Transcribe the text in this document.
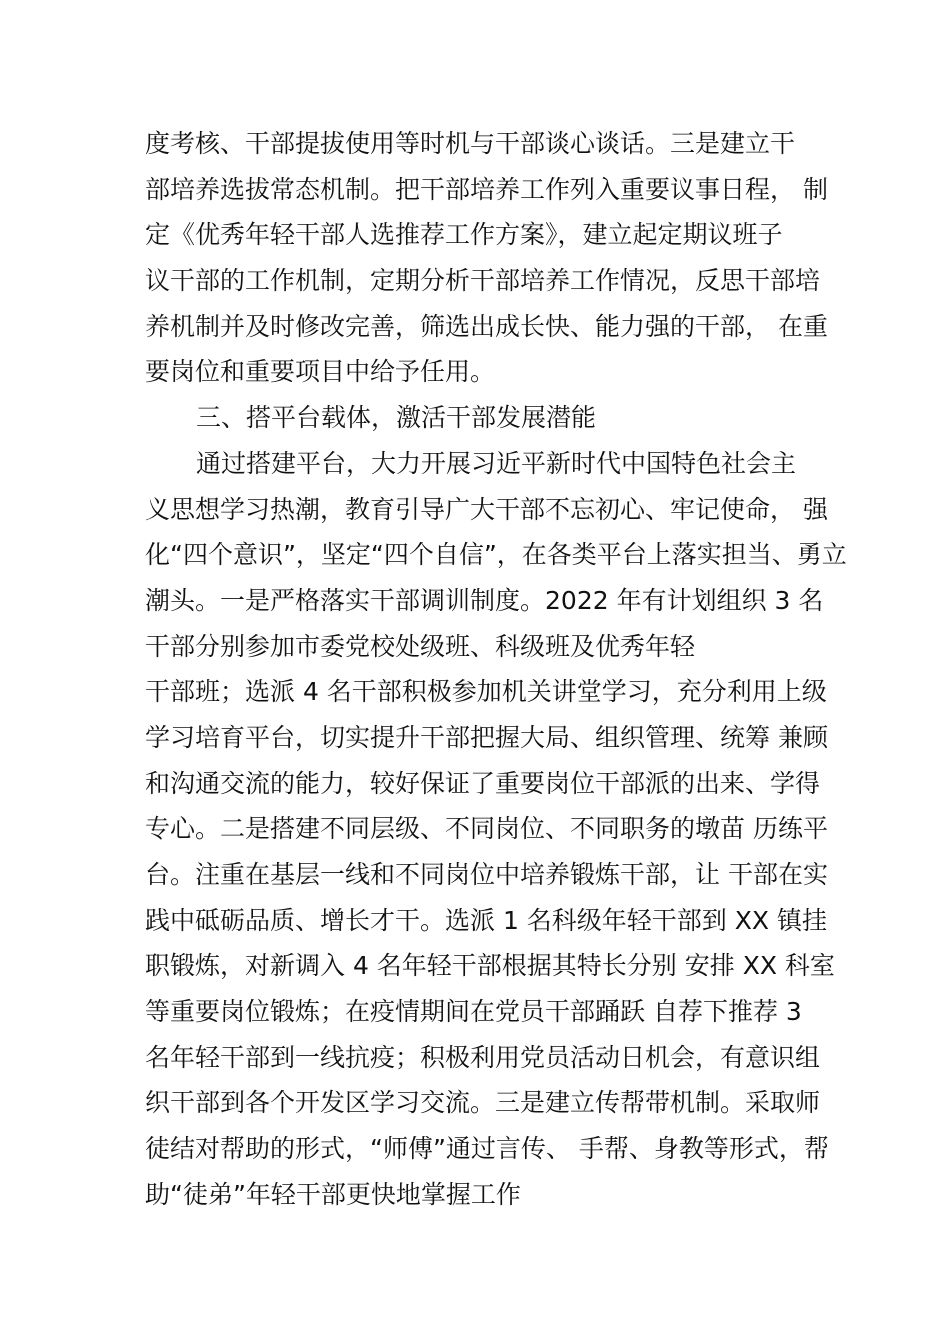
度考核、干部提拔使用等时机与干部谈心谈话。三是建立干
部培养选拔常态机制。把干部培养工作列入重要议事日程， 制
定《优秀年轻干部人选推荐工作方案》，建立起定期议班子
议干部的工作机制，定期分析干部培养工作情况，反思干部培
养机制并及时修改完善，筛选出成长快、能力强的干部， 在重
要岗位和重要项目中给予任用。
三、搭平台载体，激活干部发展潜能
通过搭建平台，大力开展习近平新时代中国特色社会主
义思想学习热潮，教育引导广大干部不忘初心、牢记使命， 强
化“四个意识”，坚定“四个自信”，在各类平台上落实担当、勇立
潮头。一是严格落实干部调训制度。2022 年有计划组织 3 名
干部分别参加市委党校处级班、科级班及优秀年轻
干部班；选派 4 名干部积极参加机关讲堂学习，充分利用上级
学习培育平台，切实提升干部把握大局、组织管理、统筹 兼顾
和沟通交流的能力，较好保证了重要岗位干部派的出来、学得
专心。二是搭建不同层级、不同岗位、不同职务的墩苗 历练平
台。注重在基层一线和不同岗位中培养锻炼干部，让 干部在实
践中砥砺品质、增长才干。选派 1 名科级年轻干部到 XX 镇挂
职锻炼，对新调入 4 名年轻干部根据其特长分别 安排 XX 科室
等重要岗位锻炼；在疫情期间在党员干部踊跃 自荐下推荐 3
名年轻干部到一线抗疫；积极利用党员活动日机会，有意识组
织干部到各个开发区学习交流。三是建立传帮带机制。采取师
徒结对帮助的形式，“师傅”通过言传、 手帮、身教等形式，帮
助“徒弟”年轻干部更快地掌握工作
